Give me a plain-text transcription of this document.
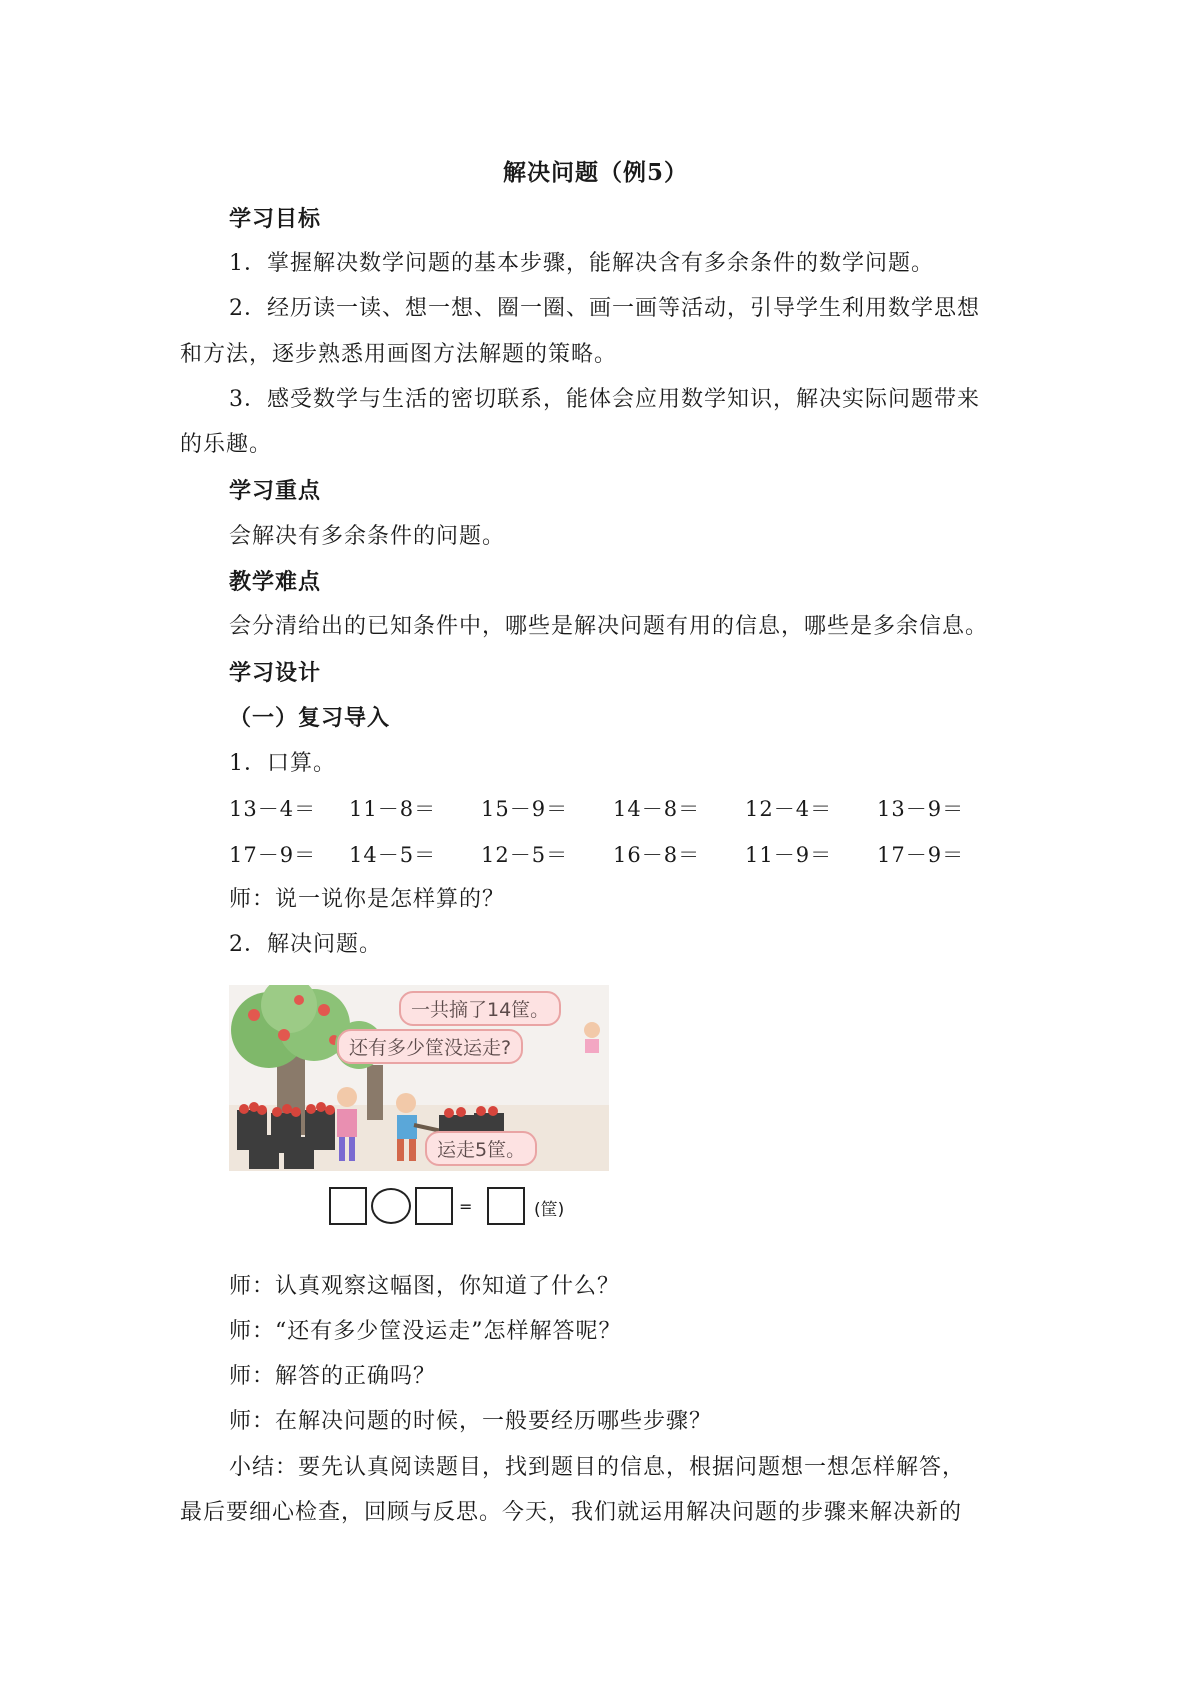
解决问题（例5）
学习目标
1．掌握解决数学问题的基本步骤，能解决含有多余条件的数学问题。
2．经历读一读、想一想、圈一圈、画一画等活动，引导学生利用数学思想
和方法，逐步熟悉用画图方法解题的策略。
3．感受数学与生活的密切联系，能体会应用数学知识，解决实际问题带来
的乐趣。
学习重点
会解决有多余条件的问题。
教学难点
会分清给出的已知条件中，哪些是解决问题有用的信息，哪些是多余信息。
学习设计
（一）复习导入
1．口算。
13－4＝ 11－8＝ 15－9＝ 14－8＝ 12－4＝ 13－9＝
17－9＝ 14－5＝ 12－5＝ 16－8＝ 11－9＝ 17－9＝
师：说一说你是怎样算的？
2．解决问题。
一共摘了14筐。
还有多少筐没运走?
运走5筐。
=	(筐)
师：认真观察这幅图，你知道了什么？
师：“还有多少筐没运走”怎样解答呢？
师：解答的正确吗？
师：在解决问题的时候，一般要经历哪些步骤？
小结：要先认真阅读题目，找到题目的信息，根据问题想一想怎样解答，
最后要细心检查，回顾与反思。今天，我们就运用解决问题的步骤来解决新的
